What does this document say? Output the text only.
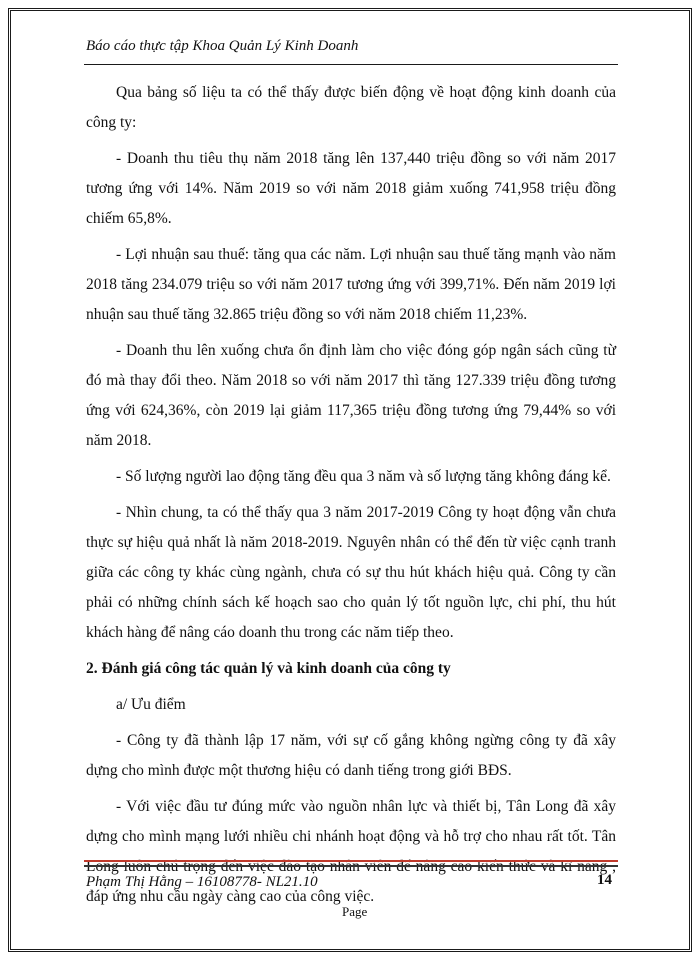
Báo cáo thực tập Khoa Quản Lý Kinh Doanh

Qua bảng số liệu ta có thể thấy được biến động về hoạt động kinh doanh của công ty:

- Doanh thu tiêu thụ năm 2018 tăng lên 137,440 triệu đồng so với năm 2017 tương ứng với 14%. Năm 2019 so với năm 2018 giảm xuống 741,958 triệu đồng chiếm 65,8%.

- Lợi nhuận sau thuế: tăng qua các năm. Lợi nhuận sau thuế tăng mạnh vào năm 2018 tăng 234.079 triệu so với năm 2017 tương ứng với 399,71%. Đến năm 2019 lợi nhuận sau thuế tăng 32.865 triệu đồng so với năm 2018 chiếm 11,23%.

- Doanh thu lên xuống chưa ổn định làm cho việc đóng góp ngân sách cũng từ đó mà thay đổi theo. Năm 2018 so với năm 2017 thì tăng 127.339 triệu đồng tương ứng với 624,36%, còn 2019 lại giảm 117,365 triệu đồng tương ứng 79,44% so với năm 2018.

- Số lượng người lao động tăng đều qua 3 năm và số lượng tăng không đáng kể.

- Nhìn chung, ta có thể thấy qua 3 năm 2017-2019 Công ty hoạt động vẫn chưa thực sự hiệu quả nhất là năm 2018-2019. Nguyên nhân có thể đến từ việc cạnh tranh giữa các công ty khác cùng ngành, chưa có sự thu hút khách hiệu quả. Công ty cần phải có những chính sách kế hoạch sao cho quản lý tốt nguồn lực, chi phí, thu hút khách hàng để nâng cáo doanh thu trong các năm tiếp theo.

2. Đánh giá công tác quản lý và kinh doanh của công ty

a/ Ưu điểm

- Công ty đã thành lập 17 năm, với sự cố gắng không ngừng công ty đã xây dựng cho mình được một thương hiệu có danh tiếng trong giới BĐS.

- Với việc đầu tư đúng mức vào nguồn nhân lực và thiết bị, Tân Long đã xây dựng cho mình mạng lưới nhiều chi nhánh hoạt động và hỗ trợ cho nhau rất tốt. Tân đáp ứng nhu cầu ngày càng cao của công việc.

Phạm Thị Hằng – 16108778- NL21.10	14
Page
